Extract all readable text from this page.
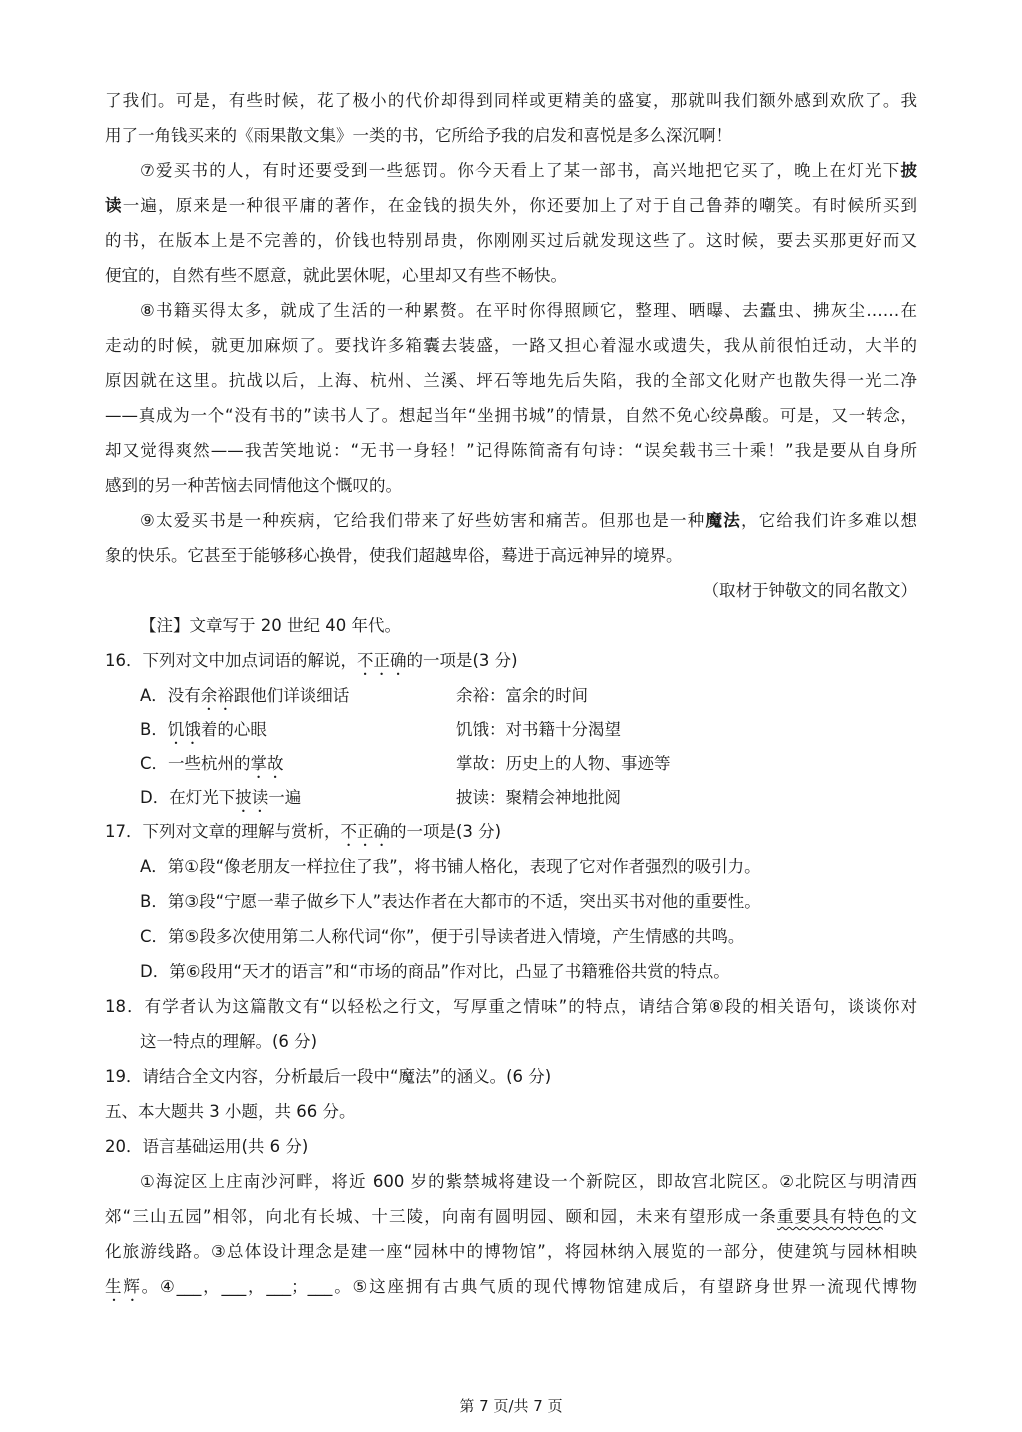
了我们。可是，有些时候，花了极小的代价却得到同样或更精美的盛宴，那就叫我们额外感到欢欣了。我
用了一角钱买来的《雨果散文集》一类的书，它所给予我的启发和喜悦是多么深沉啊！
⑦爱买书的人，有时还要受到一些惩罚。你今天看上了某一部书，高兴地把它买了，晚上在灯光下披
读一遍，原来是一种很平庸的著作，在金钱的损失外，你还要加上了对于自己鲁莽的嘲笑。有时候所买到
的书，在版本上是不完善的，价钱也特别昂贵，你刚刚买过后就发现这些了。这时候，要去买那更好而又
便宜的，自然有些不愿意，就此罢休呢，心里却又有些不畅快。
⑧书籍买得太多，就成了生活的一种累赘。在平时你得照顾它，整理、晒曝、去蠹虫、拂灰尘……在
走动的时候，就更加麻烦了。要找许多箱囊去装盛，一路又担心着湿水或遗失，我从前很怕迁动，大半的
原因就在这里。抗战以后，上海、杭州、兰溪、坪石等地先后失陷，我的全部文化财产也散失得一光二净
——真成为一个“没有书的”读书人了。想起当年“坐拥书城”的情景，自然不免心绞鼻酸。可是，又一转念，
却又觉得爽然——我苦笑地说：“无书一身轻！”记得陈简斋有句诗：“误矣载书三十乘！”我是要从自身所
感到的另一种苦恼去同情他这个慨叹的。
⑨太爱买书是一种疾病，它给我们带来了好些妨害和痛苦。但那也是一种魔法，它给我们许多难以想
象的快乐。它甚至于能够移心换骨，使我们超越卑俗，蓦进于高远神异的境界。
（取材于钟敬文的同名散文）
【注】文章写于 20 世纪 40 年代。
16．下列对文中加点词语的解说，不正确的一项是(3 分)
A．没有余裕跟他们详谈细话	余裕：富余的时间
B．饥饿着的心眼	饥饿：对书籍十分渴望
C．一些杭州的掌故	掌故：历史上的人物、事迹等
D．在灯光下披读一遍	披读：聚精会神地批阅
17．下列对文章的理解与赏析，不正确的一项是(3 分)
A．第①段“像老朋友一样拉住了我”，将书铺人格化，表现了它对作者强烈的吸引力。
B．第③段“宁愿一辈子做乡下人”表达作者在大都市的不适，突出买书对他的重要性。
C．第⑤段多次使用第二人称代词“你”，便于引导读者进入情境，产生情感的共鸣。
D．第⑥段用“天才的语言”和“市场的商品”作对比，凸显了书籍雅俗共赏的特点。
18．有学者认为这篇散文有“以轻松之行文，写厚重之情味”的特点，请结合第⑧段的相关语句，谈谈你对
这一特点的理解。(6 分)
19．请结合全文内容，分析最后一段中“魔法”的涵义。(6 分)
五、本大题共 3 小题，共 66 分。
20．语言基础运用(共 6 分)
①海淀区上庄南沙河畔，将近 600 岁的紫禁城将建设一个新院区，即故宫北院区。②北院区与明清西
郊“三山五园”相邻，向北有长城、十三陵，向南有圆明园、颐和园，未来有望形成一条重要具有特色的文
化旅游线路。③总体设计理念是建一座“园林中的博物馆”，将园林纳入展览的一部分，使建筑与园林相映
生辉。④___，___，___；___。⑤这座拥有古典气质的现代博物馆建成后，有望跻身世界一流现代博物
第 7 页/共 7 页
